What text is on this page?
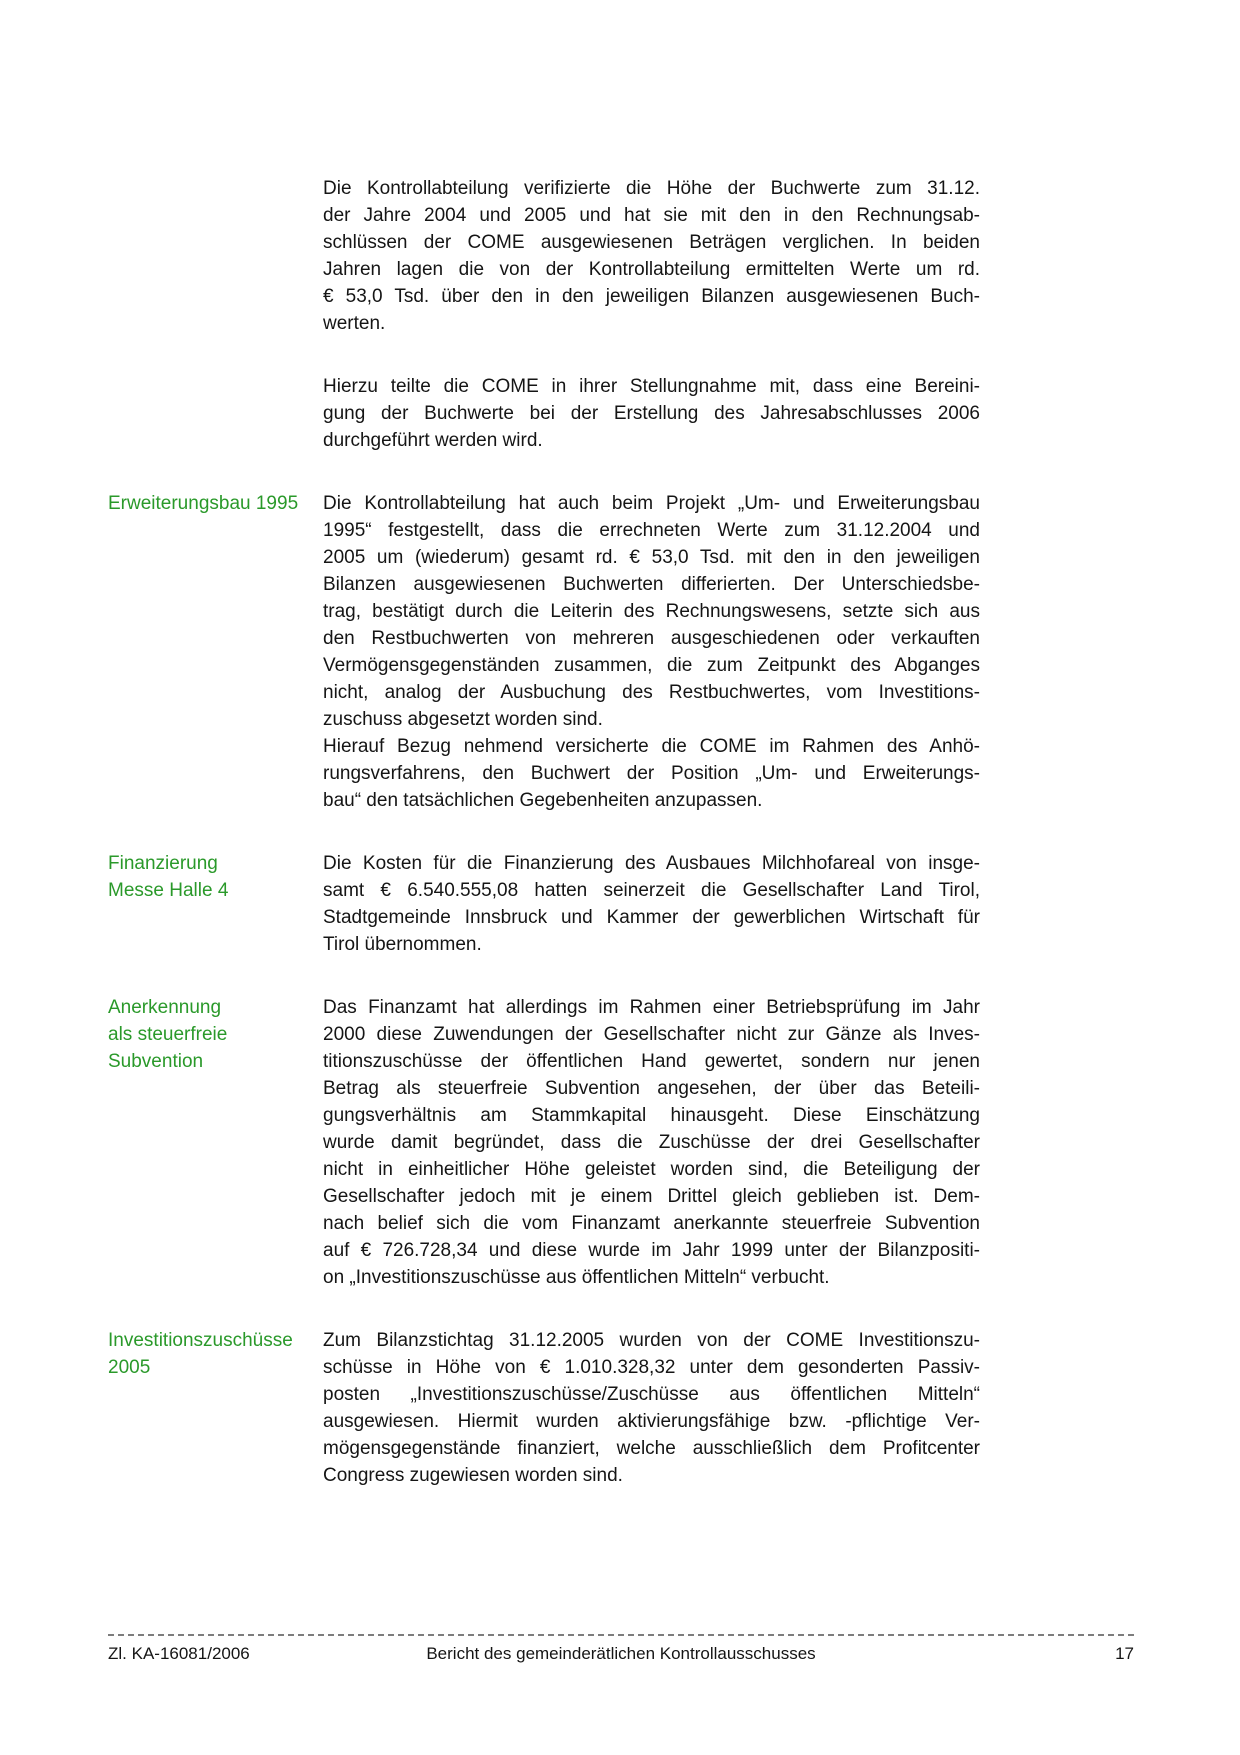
Die Kontrollabteilung verifizierte die Höhe der Buchwerte zum 31.12.
der Jahre 2004 und 2005 und hat sie mit den in den Rechnungsab-
schlüssen der COME ausgewiesenen Beträgen verglichen. In beiden
Jahren lagen die von der Kontrollabteilung ermittelten Werte um rd.
€ 53,0 Tsd. über den in den jeweiligen Bilanzen ausgewiesenen Buch-
werten.
Hierzu teilte die COME in ihrer Stellungnahme mit, dass eine Bereini-
gung der Buchwerte bei der Erstellung des Jahresabschlusses 2006
durchgeführt werden wird.
Erweiterungsbau 1995	Die Kontrollabteilung hat auch beim Projekt „Um- und Erweiterungsbau
1995“ festgestellt, dass die errechneten Werte zum 31.12.2004 und
2005 um (wiederum) gesamt rd. € 53,0 Tsd. mit den in den jeweiligen
Bilanzen ausgewiesenen Buchwerten differierten. Der Unterschiedsbe-
trag, bestätigt durch die Leiterin des Rechnungswesens, setzte sich aus
den Restbuchwerten von mehreren ausgeschiedenen oder verkauften
Vermögensgegenständen zusammen, die zum Zeitpunkt des Abganges
nicht, analog der Ausbuchung des Restbuchwertes, vom Investitions-
zuschuss abgesetzt worden sind.
Hierauf Bezug nehmend versicherte die COME im Rahmen des Anhö-
rungsverfahrens, den Buchwert der Position „Um- und Erweiterungs-
bau“ den tatsächlichen Gegebenheiten anzupassen.
Finanzierung
Messe Halle 4
Die Kosten für die Finanzierung des Ausbaues Milchhofareal von insge-
samt € 6.540.555,08 hatten seinerzeit die Gesellschafter Land Tirol,
Stadtgemeinde Innsbruck und Kammer der gewerblichen Wirtschaft für
Tirol übernommen.
Anerkennung
als steuerfreie
Subvention
Das Finanzamt hat allerdings im Rahmen einer Betriebsprüfung im Jahr
2000 diese Zuwendungen der Gesellschafter nicht zur Gänze als Inves-
titionszuschüsse der öffentlichen Hand gewertet, sondern nur jenen
Betrag als steuerfreie Subvention angesehen, der über das Beteili-
gungsverhältnis am Stammkapital hinausgeht. Diese Einschätzung
wurde damit begründet, dass die Zuschüsse der drei Gesellschafter
nicht in einheitlicher Höhe geleistet worden sind, die Beteiligung der
Gesellschafter jedoch mit je einem Drittel gleich geblieben ist. Dem-
nach belief sich die vom Finanzamt anerkannte steuerfreie Subvention
auf € 726.728,34 und diese wurde im Jahr 1999 unter der Bilanzpositi-
on „Investitionszuschüsse aus öffentlichen Mitteln“ verbucht.
Investitionszuschüsse
2005
Zum Bilanzstichtag 31.12.2005 wurden von der COME Investitionszu-
schüsse in Höhe von € 1.010.328,32 unter dem gesonderten Passiv-
posten „Investitionszuschüsse/Zuschüsse aus öffentlichen Mitteln“
ausgewiesen. Hiermit wurden aktivierungsfähige bzw. -pflichtige Ver-
mögensgegenstände finanziert, welche ausschließlich dem Profitcenter
Congress zugewiesen worden sind.
Zl. KA-16081/2006	Bericht des gemeinderätlichen Kontrollausschusses	17
